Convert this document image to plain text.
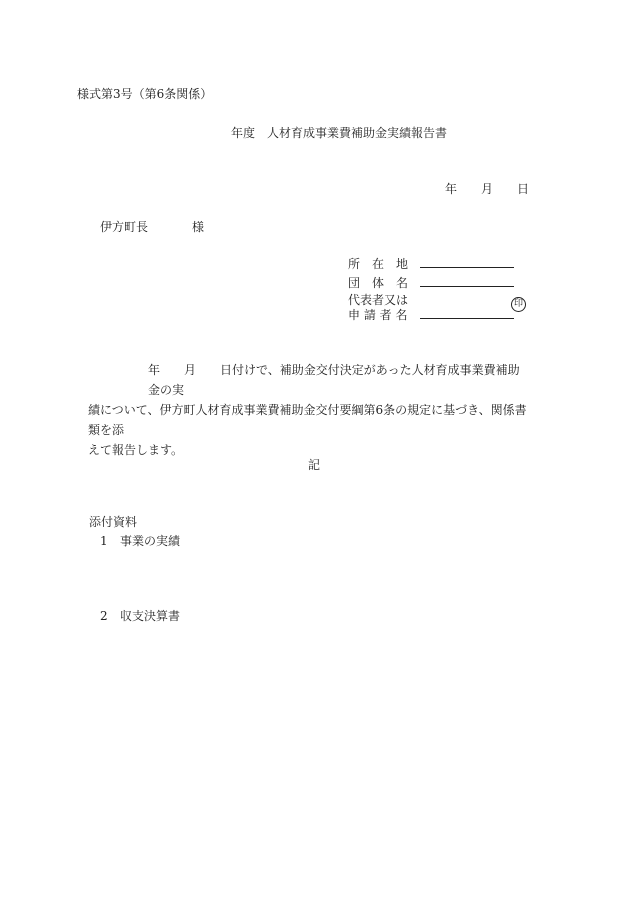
様式第3号（第6条関係）
年度　人材育成事業費補助金実績報告書
年　　月　　日
伊方町長	様
所　在　地
団　体　名
代表者又は
申 請 者 名
印
年　　月　　日付けで、補助金交付決定があった人材育成事業費補助金の実
績について、伊方町人材育成事業費補助金交付要綱第6条の規定に基づき、関係書類を添
えて報告します。
記
添付資料
1 事業の実績
2 収支決算書
